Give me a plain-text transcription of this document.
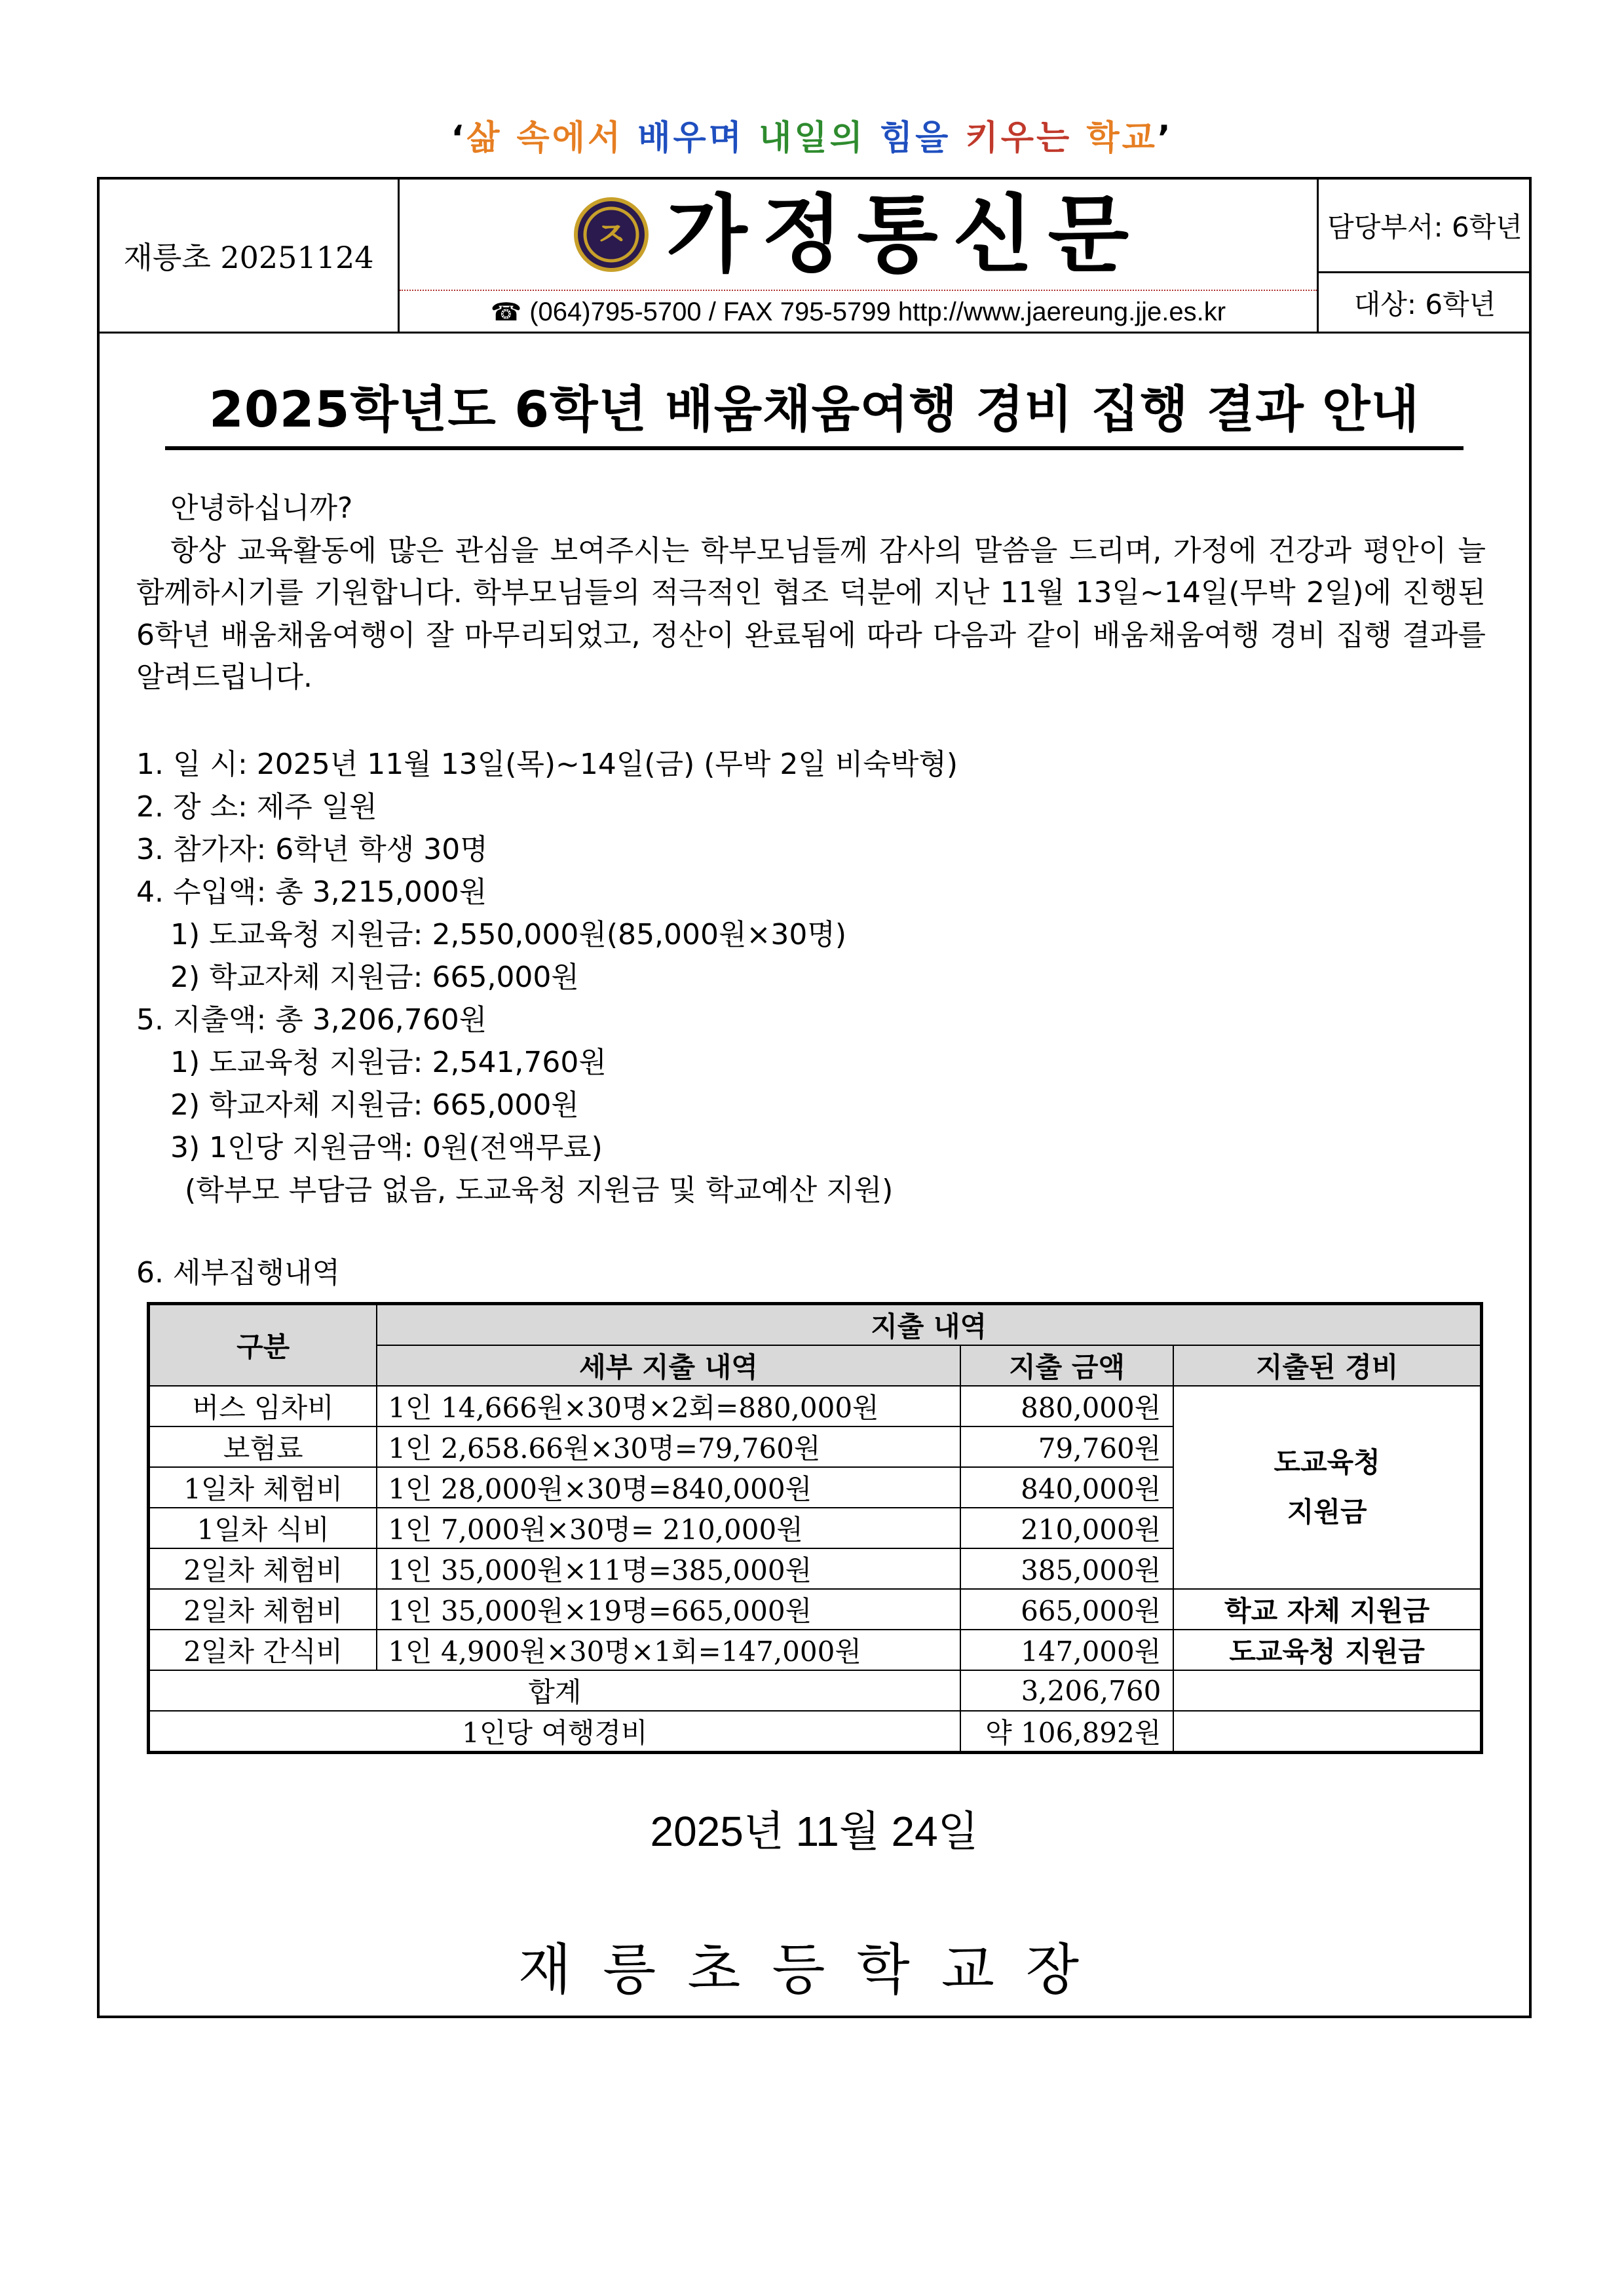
‘삶 속에서 배우며 내일의 힘을 키우는 학교’
재릉초 20251124
ㅈ 가정통신문
☎ (064)795-5700 / FAX 795-5799 http://www.jaereung.jje.es.kr
담당부서: 6학년
대상: 6학년
2025학년도 6학년 배움채움여행 경비 집행 결과 안내

안녕하십니까?

항상 교육활동에 많은 관심을 보여주시는 학부모님들께 감사의 말씀을 드리며, 가정에 건강과 평안이 늘 함께하시기를 기원합니다. 학부모님들의 적극적인 협조 덕분에 지난 11월 13일~14일(무박 2일)에 진행된 6학년 배움채움여행이 잘 마무리되었고, 정산이 완료됨에 따라 다음과 같이 배움채움여행 경비 집행 결과를 알려드립니다.

1. 일 시: 2025년 11월 13일(목)~14일(금) (무박 2일 비숙박형)
2. 장 소: 제주 일원
3. 참가자: 6학년 학생 30명
4. 수입액: 총 3,215,000원
1) 도교육청 지원금: 2,550,000원(85,000원×30명)
2) 학교자체 지원금: 665,000원
5. 지출액: 총 3,206,760원
1) 도교육청 지원금: 2,541,760원
2) 학교자체 지원금: 665,000원
3) 1인당 지원금액: 0원(전액무료)
(학부모 부담금 없음, 도교육청 지원금 및 학교예산 지원)
6. 세부집행내역
구분	지출 내역		
	세부 지출 내역	지출 금액	지출된 경비
버스 임차비	1인 14,666원×30명×2회=880,000원	880,000원	도교육청
지원금
보험료	1인 2,658.66원×30명=79,760원	79,760원	
1일차 체험비	1인 28,000원×30명=840,000원	840,000원	
1일차 식비	1인 7,000원×30명= 210,000원	210,000원	
2일차 체험비	1인 35,000원×11명=385,000원	385,000원	
2일차 체험비	1인 35,000원×19명=665,000원	665,000원	학교 자체 지원금
2일차 간식비	1인 4,900원×30명×1회=147,000원	147,000원	도교육청 지원금
합계		3,206,760	
1인당 여행경비		약 106,892원	
2025년 11월 24일
재릉초등학교장
